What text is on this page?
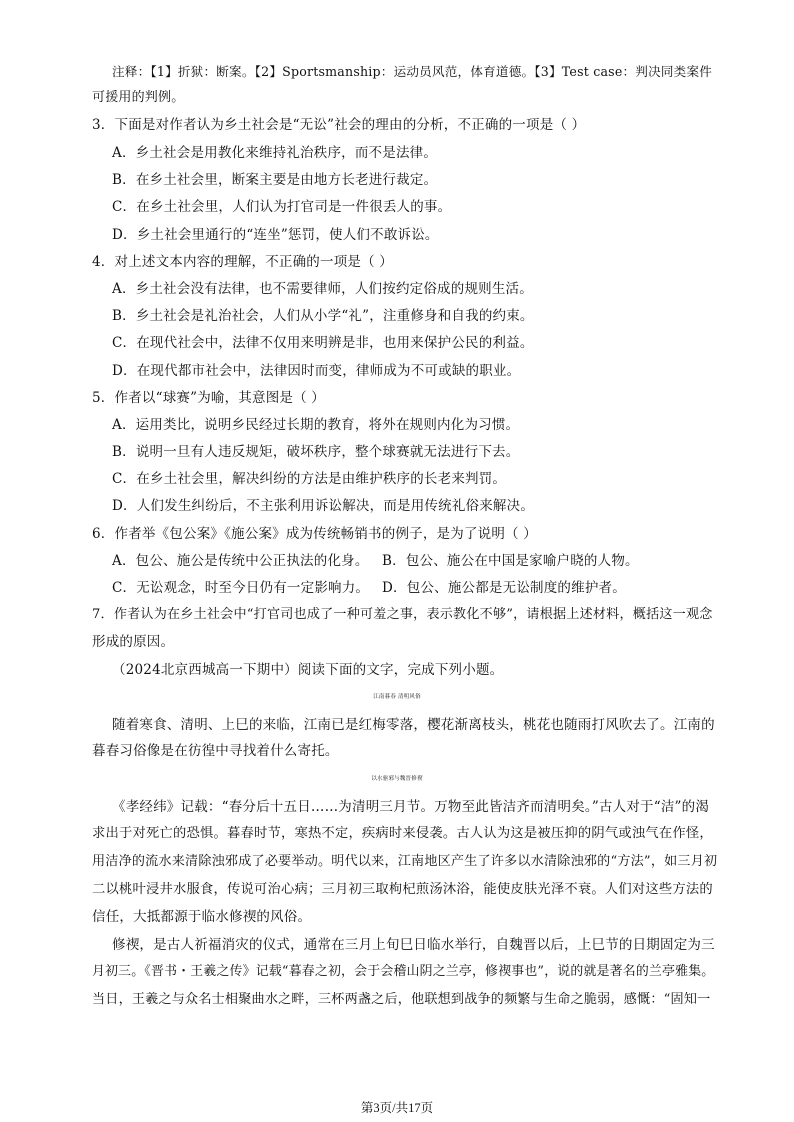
注释：【1】折狱：断案。【2】Sportsmanship：运动员风范，体育道德。【3】Test case：判决同类案件
可援用的判例。
3．下面是对作者认为乡土社会是“无讼”社会的理由的分析，不正确的一项是（ ）
A．乡土社会是用教化来维持礼治秩序，而不是法律。
B．在乡土社会里，断案主要是由地方长老进行裁定。
C．在乡土社会里，人们认为打官司是一件很丢人的事。
D．乡土社会里通行的“连坐”惩罚，使人们不敢诉讼。
4．对上述文本内容的理解，不正确的一项是（ ）
A．乡土社会没有法律，也不需要律师，人们按约定俗成的规则生活。
B．乡土社会是礼治社会，人们从小学“礼”，注重修身和自我的约束。
C．在现代社会中，法律不仅用来明辨是非，也用来保护公民的利益。
D．在现代都市社会中，法律因时而变，律师成为不可或缺的职业。
5．作者以“球赛”为喻，其意图是（ ）
A．运用类比，说明乡民经过长期的教育，将外在规则内化为习惯。
B．说明一旦有人违反规矩，破坏秩序，整个球赛就无法进行下去。
C．在乡土社会里，解决纠纷的方法是由维护秩序的长老来判罚。
D．人们发生纠纷后，不主张利用诉讼解决，而是用传统礼俗来解决。
6．作者举《包公案》《施公案》成为传统畅销书的例子，是为了说明（ ）
A．包公、施公是传统中公正执法的化身。 B．包公、施公在中国是家喻户晓的人物。
C．无讼观念，时至今日仍有一定影响力。 D．包公、施公都是无讼制度的维护者。
7．作者认为在乡土社会中“打官司也成了一种可羞之事，表示教化不够”，请根据上述材料，概括这一观念
形成的原因。
（2024北京西城高一下期中）阅读下面的文字，完成下列小题。
江南暮春 清明风俗
随着寒食、清明、上巳的来临，江南已是红梅零落，樱花渐离枝头，桃花也随雨打风吹去了。江南的
暮春习俗像是在彷徨中寻找着什么寄托。
以水驱邪与魏晋修禊
《孝经纬》记载：“春分后十五日……为清明三月节。万物至此皆洁齐而清明矣。”古人对于“洁”的渴
求出于对死亡的恐惧。暮春时节，寒热不定，疾病时来侵袭。古人认为这是被压抑的阴气或浊气在作怪，
用洁净的流水来清除浊邪成了必要举动。明代以来，江南地区产生了许多以水清除浊邪的“方法”，如三月初
二以桃叶浸井水服食，传说可治心病；三月初三取枸杞煎汤沐浴，能使皮肤光泽不衰。人们对这些方法的
信任，大抵都源于临水修禊的风俗。
修禊，是古人祈福消灾的仪式，通常在三月上旬巳日临水举行，自魏晋以后，上巳节的日期固定为三
月初三。《晋书・王羲之传》记载“暮春之初，会于会稽山阴之兰亭，修禊事也”，说的就是著名的兰亭雅集。
当日，王羲之与众名士相聚曲水之畔，三杯两盏之后，他联想到战争的频繁与生命之脆弱，感慨：“固知一
第3页/共17页
